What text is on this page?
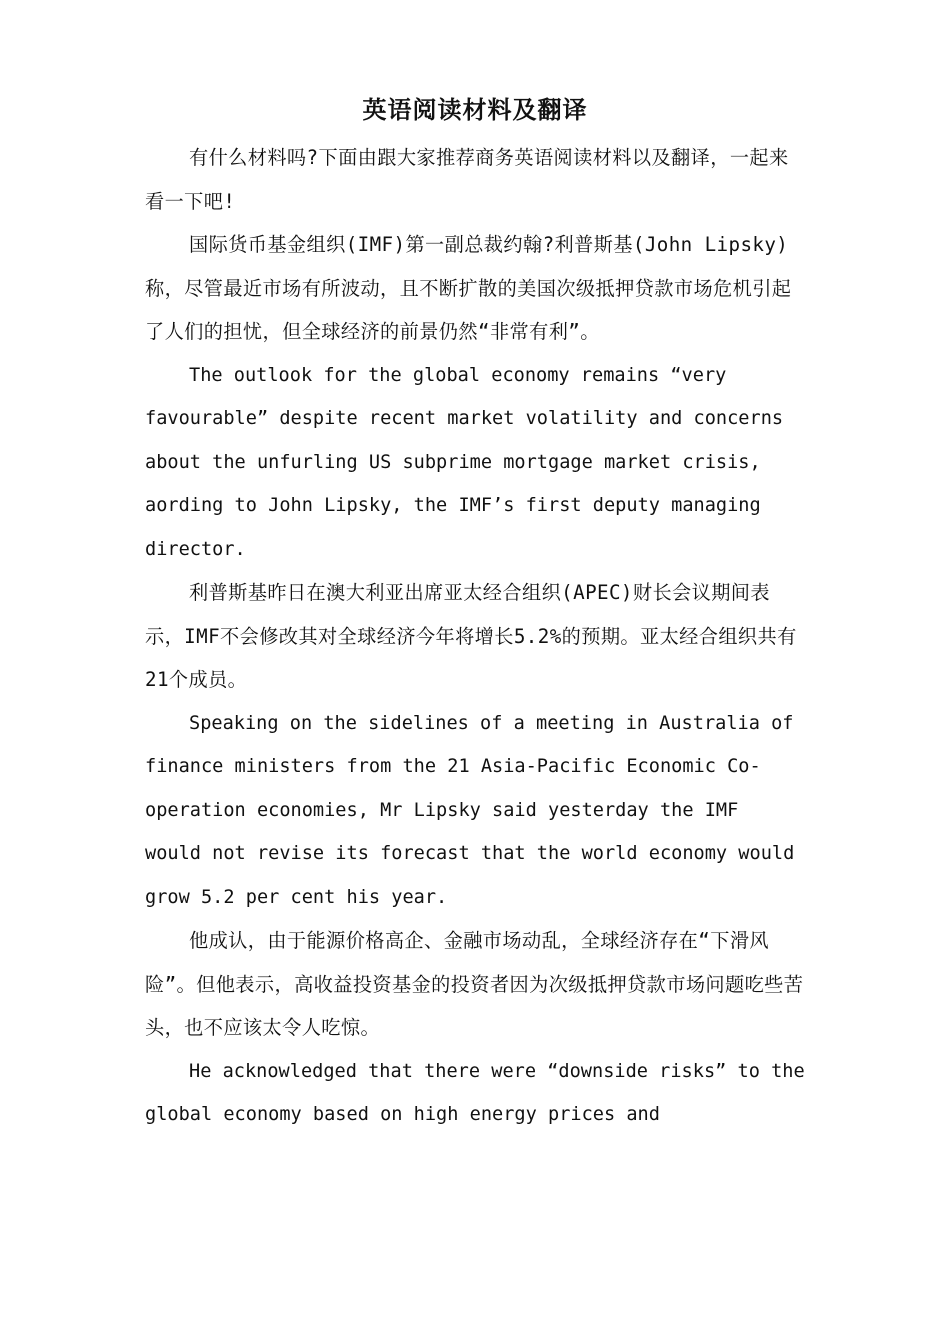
英语阅读材料及翻译

有什么材料吗?下面由跟大家推荐商务英语阅读材料以及翻译，一起来看一下吧!

国际货币基金组织(IMF)第一副总裁约翰?利普斯基(John Lipsky)称，尽管最近市场有所波动，且不断扩散的美国次级抵押贷款市场危机引起了人们的担忧，但全球经济的前景仍然“非常有利”。

The outlook for the global economy remains “very favourable” despite recent market volatility and concerns about the unfurling US subprime mortgage market crisis, aording to John Lipsky, the IMF’s first deputy managing director.

利普斯基昨日在澳大利亚出席亚太经合组织(APEC)财长会议期间表示，IMF不会修改其对全球经济今年将增长5.2%的预期。亚太经合组织共有21个成员。

Speaking on the sidelines of a meeting in Australia of finance ministers from the 21 Asia-Pacific Economic Co-operation economies, Mr Lipsky said yesterday the IMF would not revise its forecast that the world economy would grow 5.2 per cent his year.

他成认，由于能源价格高企、金融市场动乱，全球经济存在“下滑风险”。但他表示，高收益投资基金的投资者因为次级抵押贷款市场问题吃些苦头，也不应该太令人吃惊。

He acknowledged that there were “downside risks” to the global economy based on high energy prices and
